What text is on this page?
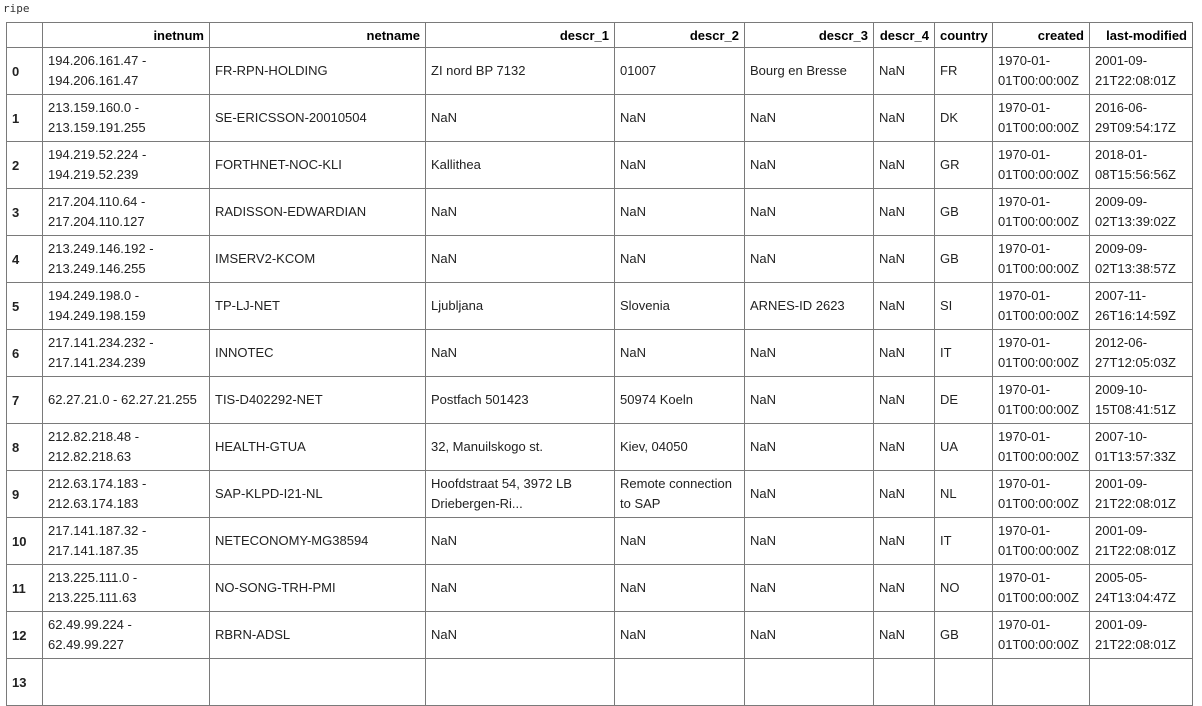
ripe
	inetnum	netname	descr_1	descr_2	descr_3	descr_4	country	created	last-modified
0	194.206.161.47 - 194.206.161.47	FR-RPN-HOLDING	ZI nord BP 7132	01007	Bourg en Bresse	NaN	FR	1970-01-01T00:00:00Z	2001-09-21T22:08:01Z
1	213.159.160.0 - 213.159.191.255	SE-ERICSSON-20010504	NaN	NaN	NaN	NaN	DK	1970-01-01T00:00:00Z	2016-06-29T09:54:17Z
2	194.219.52.224 - 194.219.52.239	FORTHNET-NOC-KLI	Kallithea	NaN	NaN	NaN	GR	1970-01-01T00:00:00Z	2018-01-08T15:56:56Z
3	217.204.110.64 - 217.204.110.127	RADISSON-EDWARDIAN	NaN	NaN	NaN	NaN	GB	1970-01-01T00:00:00Z	2009-09-02T13:39:02Z
4	213.249.146.192 - 213.249.146.255	IMSERV2-KCOM	NaN	NaN	NaN	NaN	GB	1970-01-01T00:00:00Z	2009-09-02T13:38:57Z
5	194.249.198.0 - 194.249.198.159	TP-LJ-NET	Ljubljana	Slovenia	ARNES-ID 2623	NaN	SI	1970-01-01T00:00:00Z	2007-11-26T16:14:59Z
6	217.141.234.232 - 217.141.234.239	INNOTEC	NaN	NaN	NaN	NaN	IT	1970-01-01T00:00:00Z	2012-06-27T12:05:03Z
7	62.27.21.0 - 62.27.21.255	TIS-D402292-NET	Postfach 501423	50974 Koeln	NaN	NaN	DE	1970-01-01T00:00:00Z	2009-10-15T08:41:51Z
8	212.82.218.48 - 212.82.218.63	HEALTH-GTUA	32, Manuilskogo st.	Kiev, 04050	NaN	NaN	UA	1970-01-01T00:00:00Z	2007-10-01T13:57:33Z
9	212.63.174.183 - 212.63.174.183	SAP-KLPD-I21-NL	Hoofdstraat 54, 3972 LB Driebergen-Ri...	Remote connection to SAP	NaN	NaN	NL	1970-01-01T00:00:00Z	2001-09-21T22:08:01Z
10	217.141.187.32 - 217.141.187.35	NETECONOMY-MG38594	NaN	NaN	NaN	NaN	IT	1970-01-01T00:00:00Z	2001-09-21T22:08:01Z
11	213.225.111.0 - 213.225.111.63	NO-SONG-TRH-PMI	NaN	NaN	NaN	NaN	NO	1970-01-01T00:00:00Z	2005-05-24T13:04:47Z
12	62.49.99.224 - 62.49.99.227	RBRN-ADSL	NaN	NaN	NaN	NaN	GB	1970-01-01T00:00:00Z	2001-09-21T22:08:01Z
13									
